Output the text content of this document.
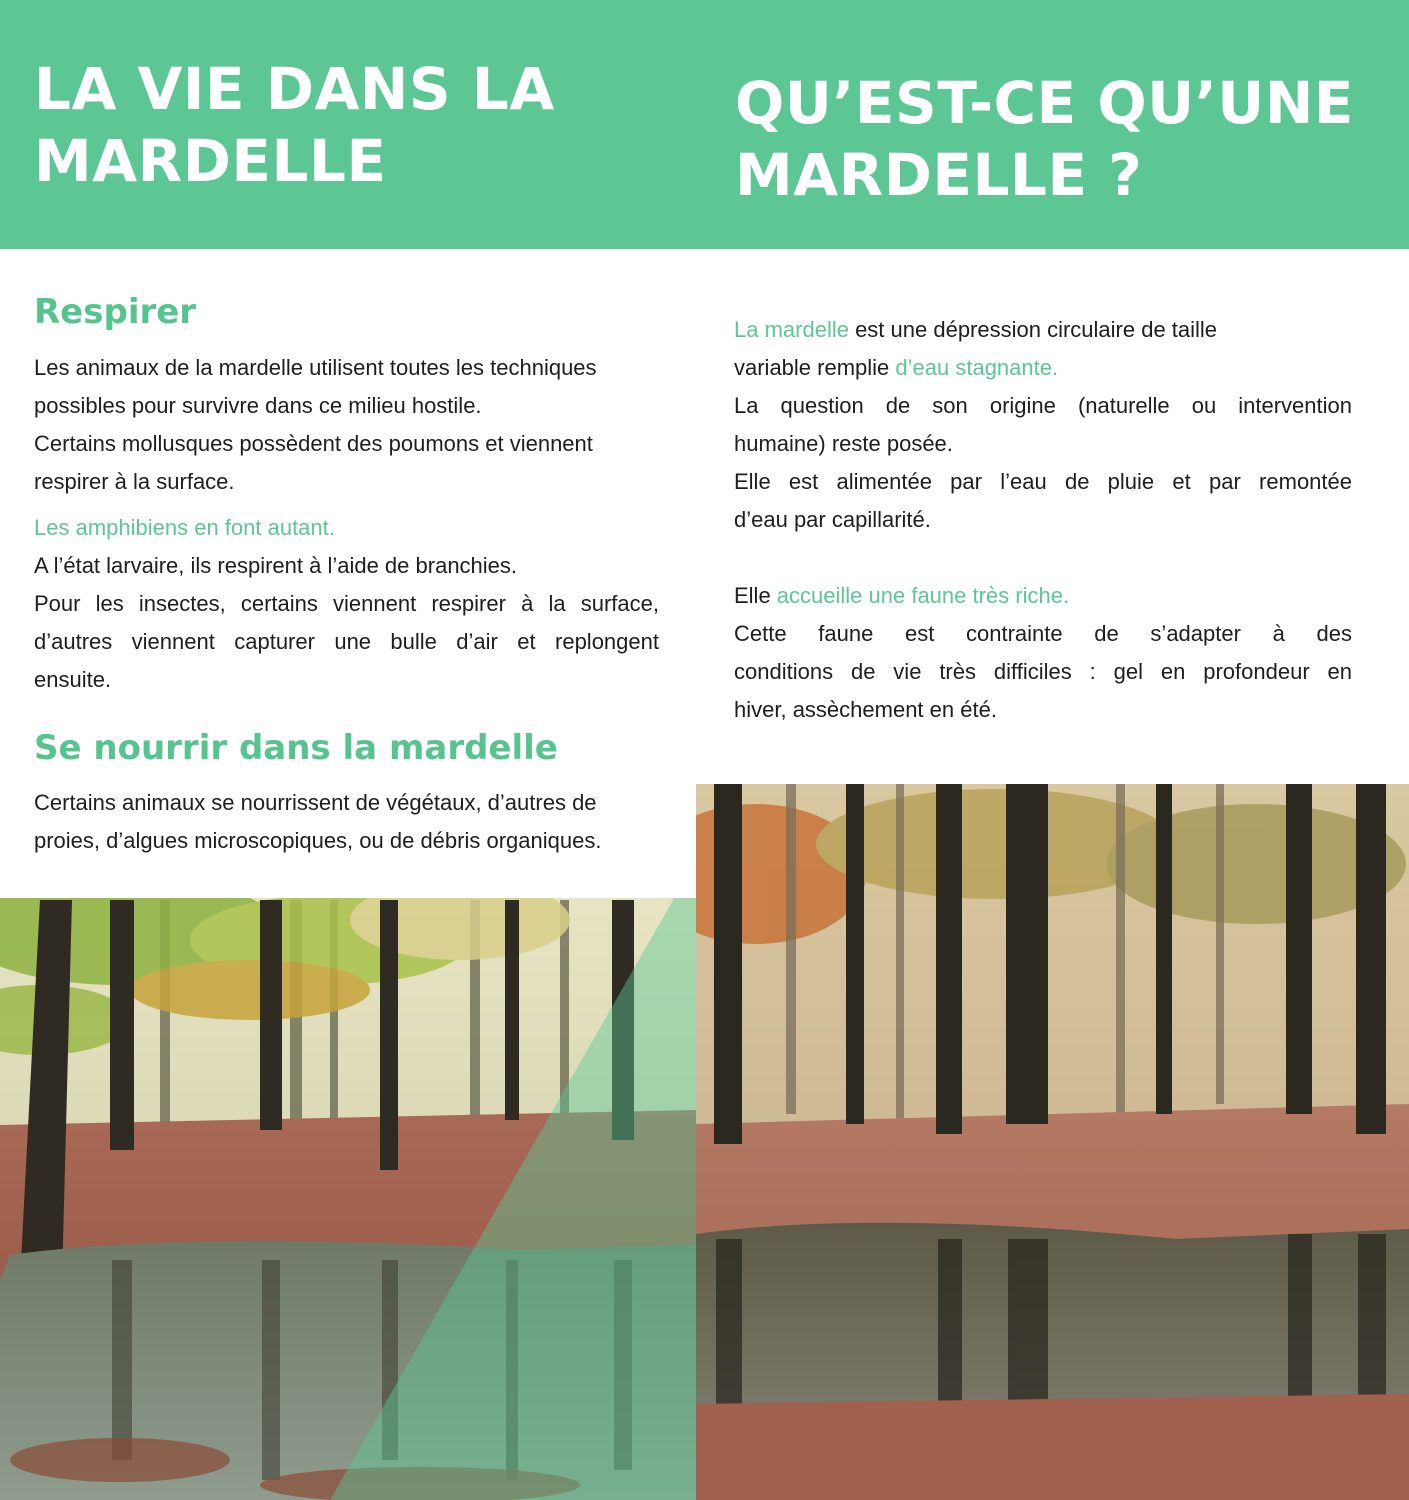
LA VIE DANS LA
MARDELLE
QU’EST-CE QU’UNE
MARDELLE ?
Respirer
Les animaux de la mardelle utilisent toutes les techniques
possibles pour survivre dans ce milieu hostile.
Certains mollusques possèdent des poumons et viennent
respirer à la surface.
Les amphibiens en font autant.
A l’état larvaire, ils respirent à l’aide de branchies.
Pour les insectes, certains viennent respirer à la surface,
d’autres viennent capturer une bulle d’air et replongent
ensuite.
Se nourrir dans la mardelle
Certains animaux se nourrissent de végétaux, d’autres de
proies, d’algues microscopiques, ou de débris organiques.
La mardelle est une dépression circulaire de taille
variable remplie d’eau stagnante.
La question de son origine (naturelle ou intervention
humaine) reste posée.
Elle est alimentée par l’eau de pluie et par remontée
d’eau par capillarité.
Elle accueille une faune très riche.
Cette faune est contrainte de s’adapter à des
conditions de vie très difficiles : gel en profondeur en
hiver, assèchement en été.
